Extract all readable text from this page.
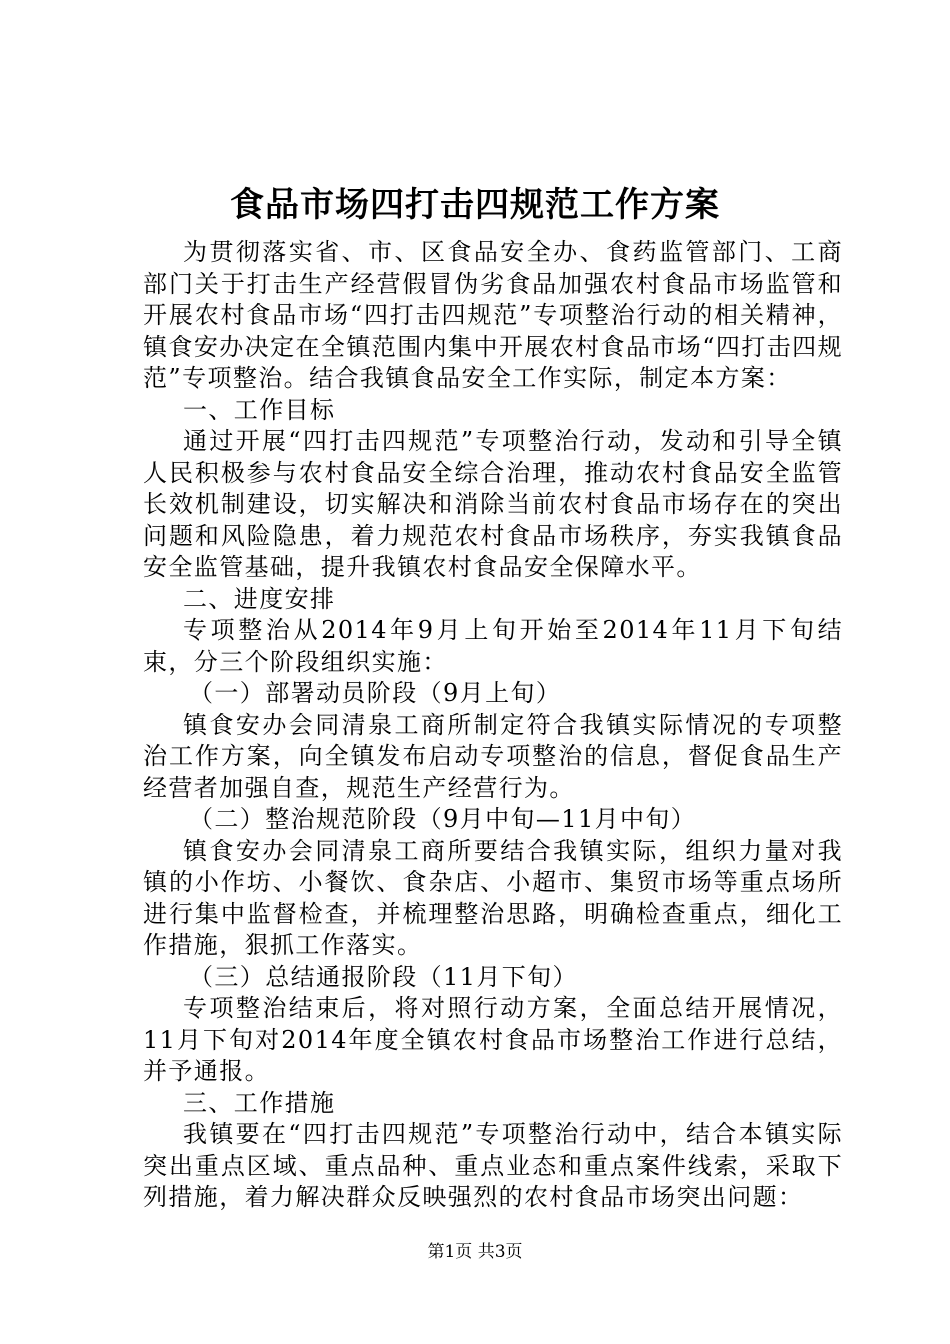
食品市场四打击四规范工作方案

为贯彻落实省、市、区食品安全办、食药监管部门、工商部门关于打击生产经营假冒伪劣食品加强农村食品市场监管和开展农村食品市场“四打击四规范”专项整治行动的相关精神，镇食安办决定在全镇范围内集中开展农村食品市场“四打击四规范”专项整治。结合我镇食品安全工作实际，制定本方案：

一、工作目标

通过开展“四打击四规范”专项整治行动，发动和引导全镇人民积极参与农村食品安全综合治理，推动农村食品安全监管长效机制建设，切实解决和消除当前农村食品市场存在的突出问题和风险隐患，着力规范农村食品市场秩序，夯实我镇食品安全监管基础，提升我镇农村食品安全保障水平。

二、进度安排

专项整治从2014年9月上旬开始至2014年11月下旬结束，分三个阶段组织实施：

（一）部署动员阶段（9月上旬）

镇食安办会同清泉工商所制定符合我镇实际情况的专项整治工作方案，向全镇发布启动专项整治的信息，督促食品生产经营者加强自查，规范生产经营行为。

（二）整治规范阶段（9月中旬—11月中旬）

镇食安办会同清泉工商所要结合我镇实际，组织力量对我镇的小作坊、小餐饮、食杂店、小超市、集贸市场等重点场所进行集中监督检查，并梳理整治思路，明确检查重点，细化工作措施，狠抓工作落实。

（三）总结通报阶段（11月下旬）

专项整治结束后，将对照行动方案，全面总结开展情况，11月下旬对2014年度全镇农村食品市场整治工作进行总结，并予通报。

三、工作措施

我镇要在“四打击四规范”专项整治行动中，结合本镇实际突出重点区域、重点品种、重点业态和重点案件线索，采取下列措施，着力解决群众反映强烈的农村食品市场突出问题：

第1页 共3页
